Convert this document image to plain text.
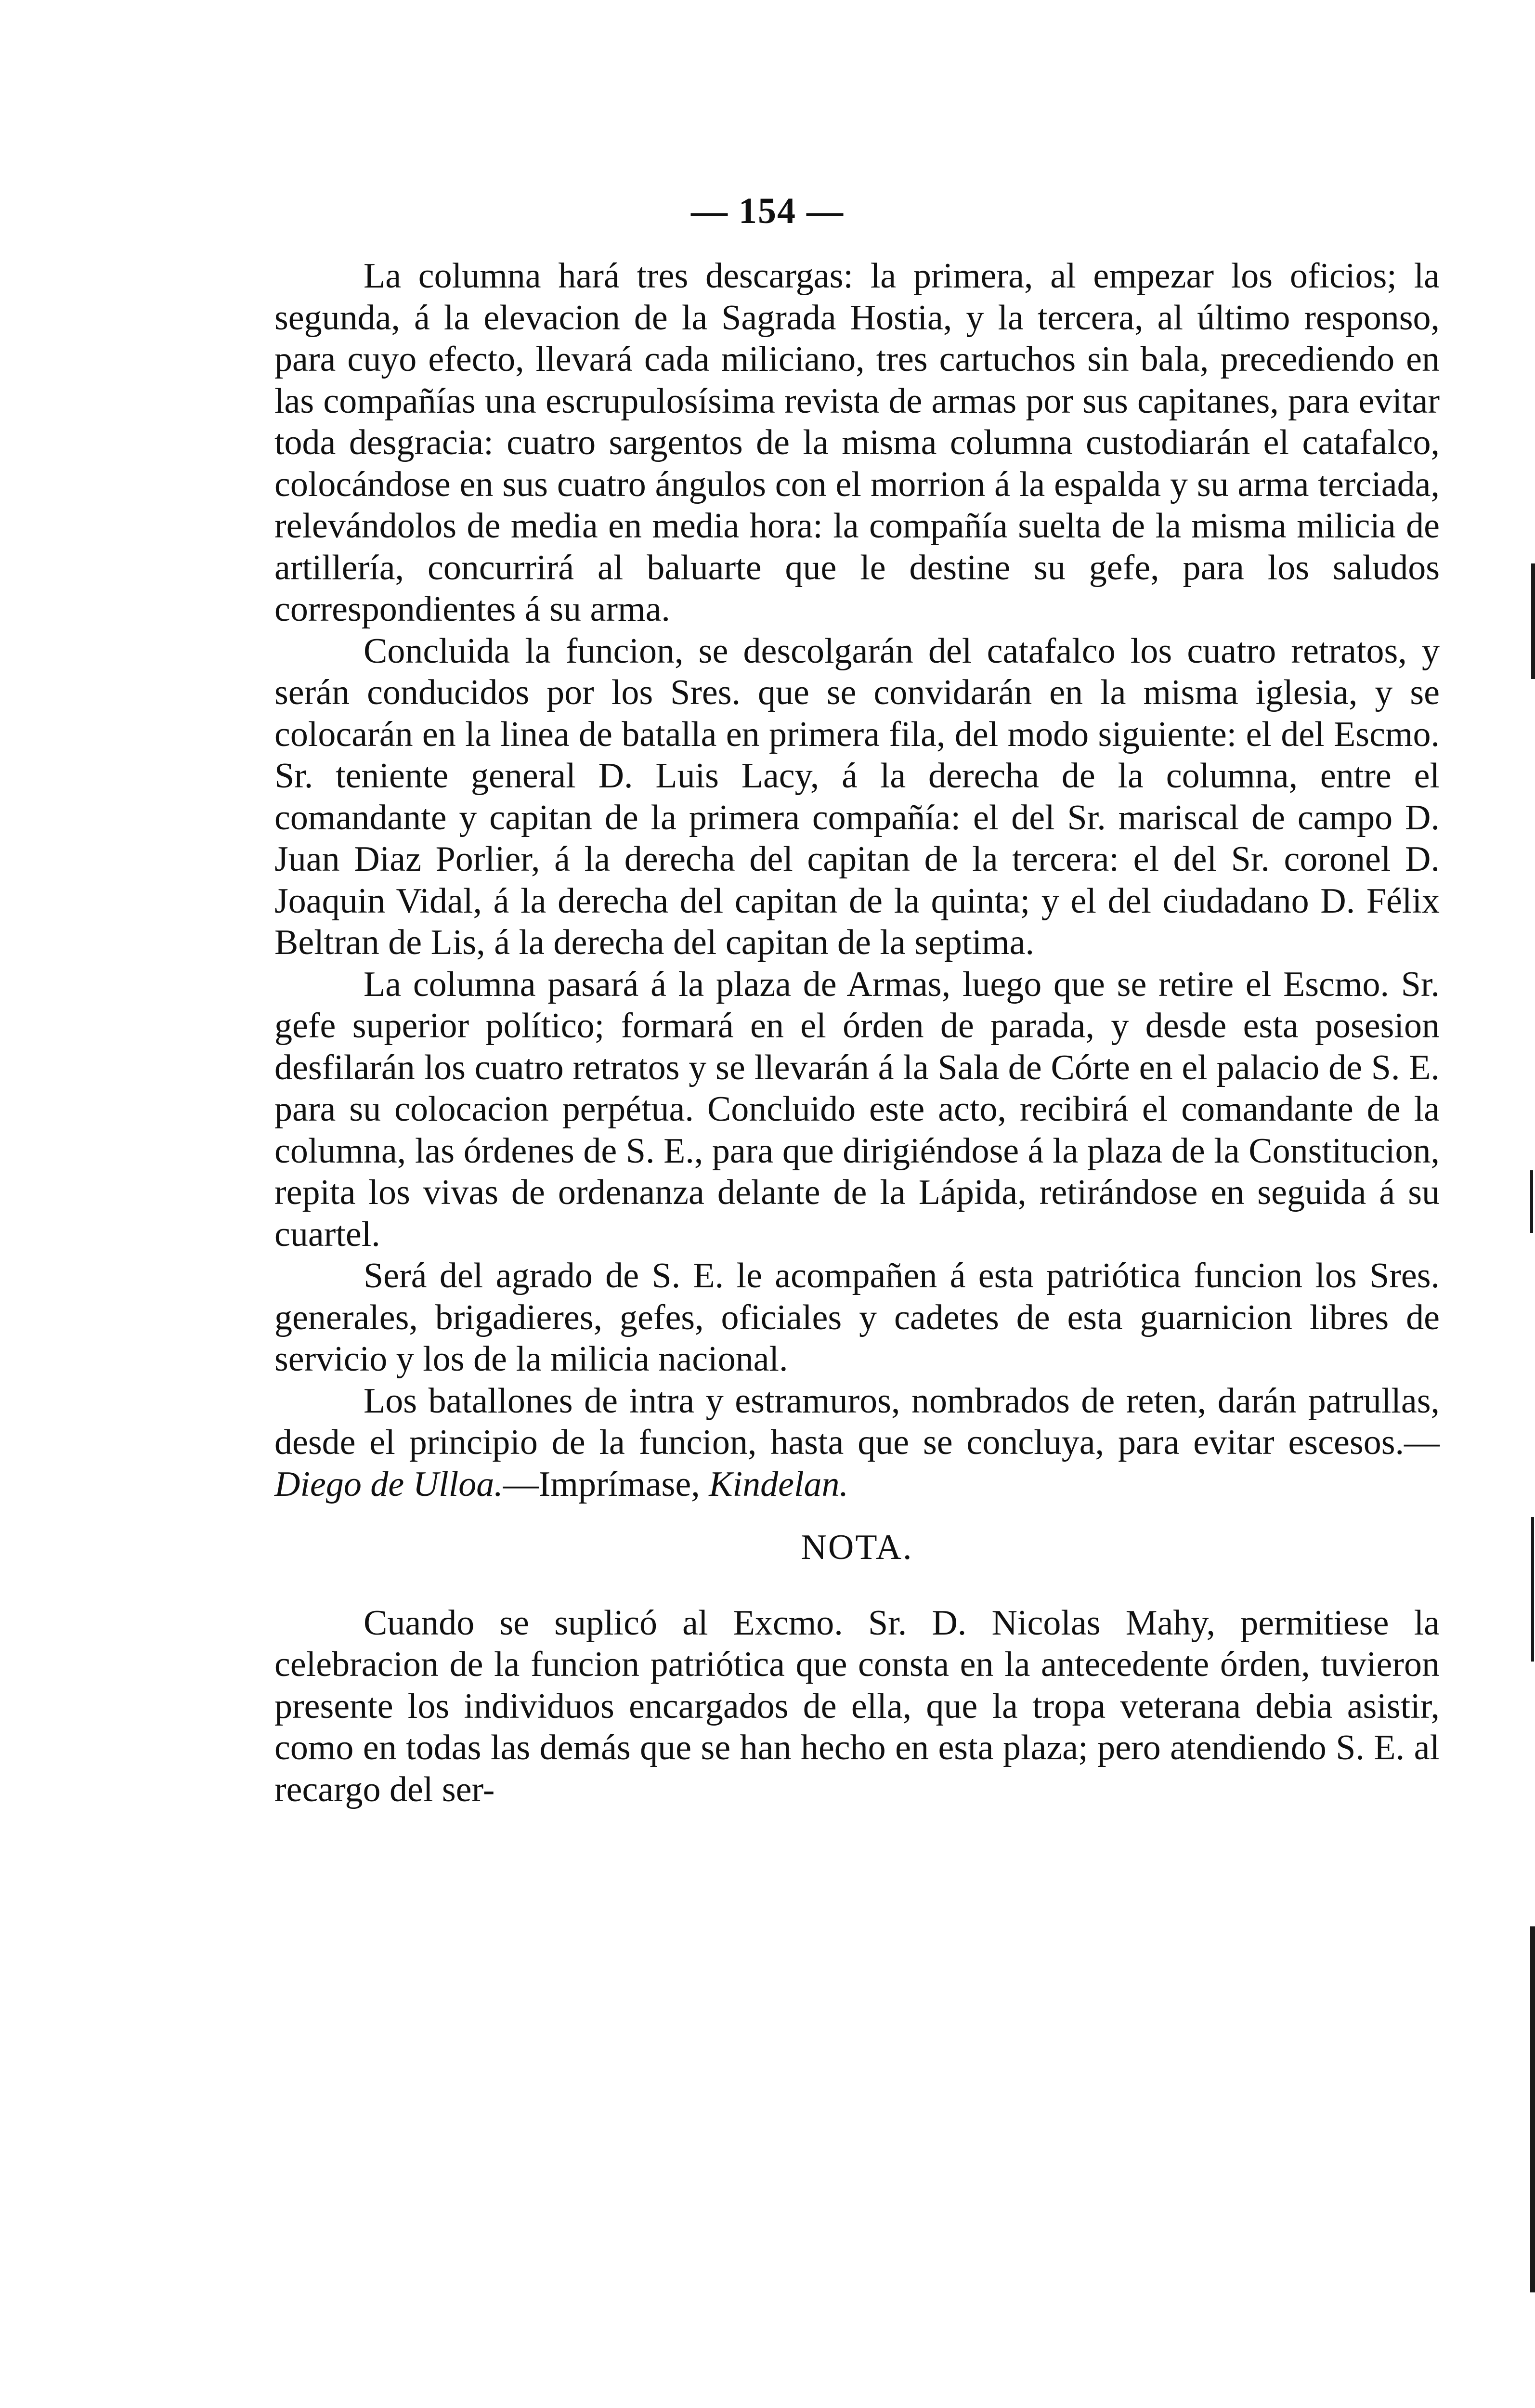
— 154 —

La columna hará tres descargas: la primera, al empezar los oficios; la segunda, á la elevacion de la Sagrada Hostia, y la tercera, al último responso, para cuyo efecto, llevará cada miliciano, tres cartuchos sin bala, precediendo en las compañías una escrupulosísima revista de armas por sus capitanes, para evitar toda desgracia: cuatro sargentos de la misma columna custodiarán el catafalco, colocándose en sus cuatro ángulos con el morrion á la espalda y su arma terciada, relevándolos de media en media hora: la compañía suelta de la misma milicia de artillería, concurrirá al baluarte que le destine su gefe, para los saludos correspondientes á su arma.

Concluida la funcion, se descolgarán del catafalco los cuatro retratos, y serán conducidos por los Sres. que se convidarán en la misma iglesia, y se colocarán en la linea de batalla en primera fila, del modo siguiente: el del Escmo. Sr. teniente general D. Luis Lacy, á la derecha de la columna, entre el comandante y capitan de la primera compañía: el del Sr. mariscal de campo D. Juan Diaz Porlier, á la derecha del capitan de la tercera: el del Sr. coronel D. Joaquin Vidal, á la derecha del capitan de la quinta; y el del ciudadano D. Félix Beltran de Lis, á la derecha del capitan de la septima.

La columna pasará á la plaza de Armas, luego que se retire el Escmo. Sr. gefe superior político; formará en el órden de parada, y desde esta posesion desfilarán los cuatro retratos y se llevarán á la Sala de Córte en el palacio de S. E. para su colocacion perpétua. Concluido este acto, recibirá el comandante de la columna, las órdenes de S. E., para que dirigiéndose á la plaza de la Constitucion, repita los vivas de ordenanza delante de la Lápida, retirándose en seguida á su cuartel.

Será del agrado de S. E. le acompañen á esta patriótica funcion los Sres. generales, brigadieres, gefes, oficiales y cadetes de esta guarnicion libres de servicio y los de la milicia nacional.

Los batallones de intra y estramuros, nombrados de reten, darán patrullas, desde el principio de la funcion, hasta que se concluya, para evitar escesos.—Diego de Ulloa.—Imprímase, Kindelan.

NOTA.

Cuando se suplicó al Excmo. Sr. D. Nicolas Mahy, permitiese la celebracion de la funcion patriótica que consta en la antecedente órden, tuvieron presente los individuos encargados de ella, que la tropa veterana debia asistir, como en todas las demás que se han hecho en esta plaza; pero atendiendo S. E. al recargo del ser-
